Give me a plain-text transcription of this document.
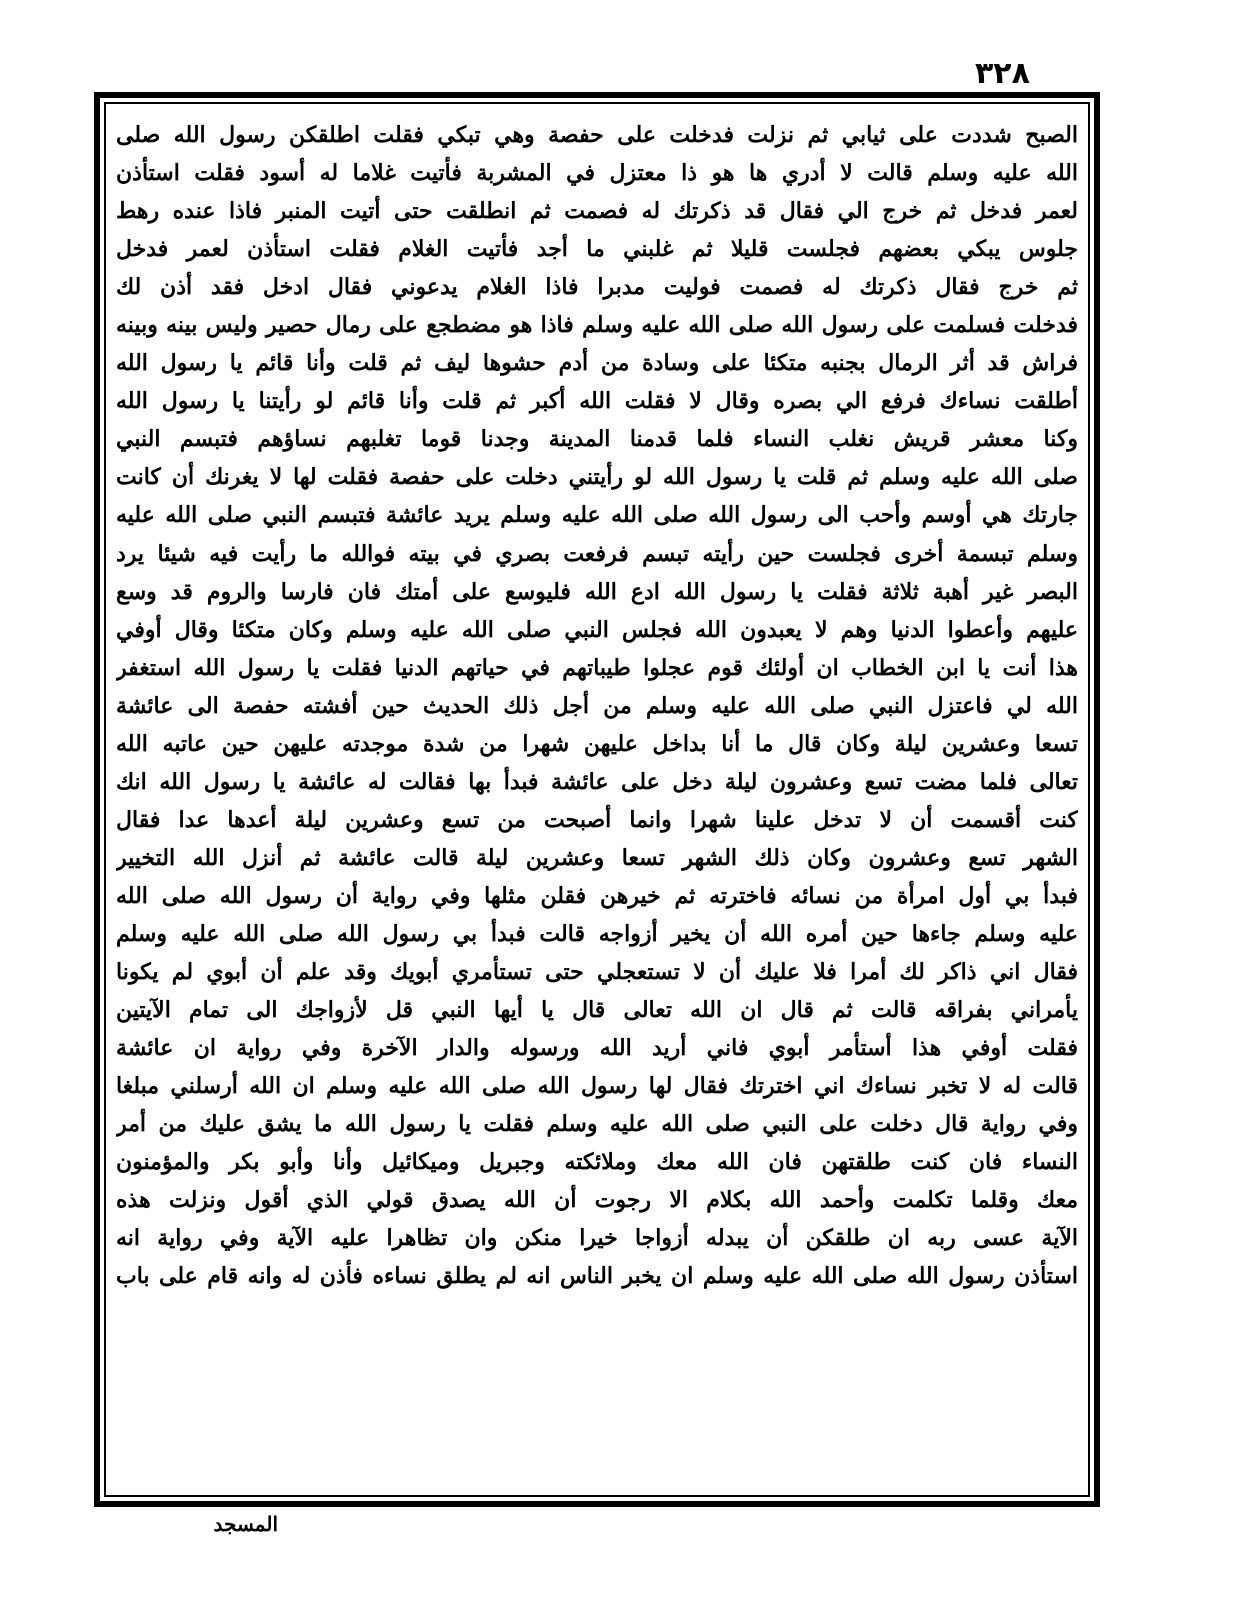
٣٢٨
الصبح شددت على ثيابي ثم نزلت فدخلت على حفصة وهي تبكي فقلت اطلقكن رسول الله صلى
الله عليه وسلم قالت لا أدري ها هو ذا معتزل في المشربة فأتيت غلاما له أسود فقلت استأذن
لعمر فدخل ثم خرج الي فقال قد ذكرتك له فصمت ثم انطلقت حتى أتيت المنبر فاذا عنده رهط
جلوس يبكي بعضهم فجلست قليلا ثم غلبني ما أجد فأتيت الغلام فقلت استأذن لعمر فدخل
ثم خرج فقال ذكرتك له فصمت فوليت مدبرا فاذا الغلام يدعوني فقال ادخل فقد أذن لك
فدخلت فسلمت على رسول الله صلى الله عليه وسلم فاذا هو مضطجع على رمال حصير وليس بينه وبينه
فراش قد أثر الرمال بجنبه متكئا على وسادة من أدم حشوها ليف ثم قلت وأنا قائم يا رسول الله
أطلقت نساءك فرفع الي بصره وقال لا فقلت الله أكبر ثم قلت وأنا قائم لو رأيتنا يا رسول الله
وكنا معشر قريش نغلب النساء فلما قدمنا المدينة وجدنا قوما تغلبهم نساؤهم فتبسم النبي
صلى الله عليه وسلم ثم قلت يا رسول الله لو رأيتني دخلت على حفصة فقلت لها لا يغرنك أن كانت
جارتك هي أوسم وأحب الى رسول الله صلى الله عليه وسلم يريد عائشة فتبسم النبي صلى الله عليه
وسلم تبسمة أخرى فجلست حين رأيته تبسم فرفعت بصري في بيته فوالله ما رأيت فيه شيئا يرد
البصر غير أهبة ثلاثة فقلت يا رسول الله ادع الله فليوسع على أمتك فان فارسا والروم قد وسع
عليهم وأعطوا الدنيا وهم لا يعبدون الله فجلس النبي صلى الله عليه وسلم وكان متكئا وقال أوفي
هذا أنت يا ابن الخطاب ان أولئك قوم عجلوا طيباتهم في حياتهم الدنيا فقلت يا رسول الله استغفر
الله لي فاعتزل النبي صلى الله عليه وسلم من أجل ذلك الحديث حين أفشته حفصة الى عائشة
تسعا وعشرين ليلة وكان قال ما أنا بداخل عليهن شهرا من شدة موجدته عليهن حين عاتبه الله
تعالى فلما مضت تسع وعشرون ليلة دخل على عائشة فبدأ بها فقالت له عائشة يا رسول الله انك
كنت أقسمت أن لا تدخل علينا شهرا وانما أصبحت من تسع وعشرين ليلة أعدها عدا فقال
الشهر تسع وعشرون وكان ذلك الشهر تسعا وعشرين ليلة قالت عائشة ثم أنزل الله التخيير
فبدأ بي أول امرأة من نسائه فاخترته ثم خيرهن فقلن مثلها وفي رواية أن رسول الله صلى الله
عليه وسلم جاءها حين أمره الله أن يخير أزواجه قالت فبدأ بي رسول الله صلى الله عليه وسلم
فقال اني ذاكر لك أمرا فلا عليك أن لا تستعجلي حتى تستأمري أبويك وقد علم أن أبوي لم يكونا
يأمراني بفراقه قالت ثم قال ان الله تعالى قال يا أيها النبي قل لأزواجك الى تمام الآيتين
فقلت أوفي هذا أستأمر أبوي فاني أريد الله ورسوله والدار الآخرة وفي رواية ان عائشة
قالت له لا تخبر نساءك اني اخترتك فقال لها رسول الله صلى الله عليه وسلم ان الله أرسلني مبلغا
وفي رواية قال دخلت على النبي صلى الله عليه وسلم فقلت يا رسول الله ما يشق عليك من أمر
النساء فان كنت طلقتهن فان الله معك وملائكته وجبريل وميكائيل وأنا وأبو بكر والمؤمنون
معك وقلما تكلمت وأحمد الله بكلام الا رجوت أن الله يصدق قولي الذي أقول ونزلت هذه
الآية عسى ربه ان طلقكن أن يبدله أزواجا خيرا منكن وان تظاهرا عليه الآية وفي رواية انه
استأذن رسول الله صلى الله عليه وسلم ان يخبر الناس انه لم يطلق نساءه فأذن له وانه قام على باب
المسجد
